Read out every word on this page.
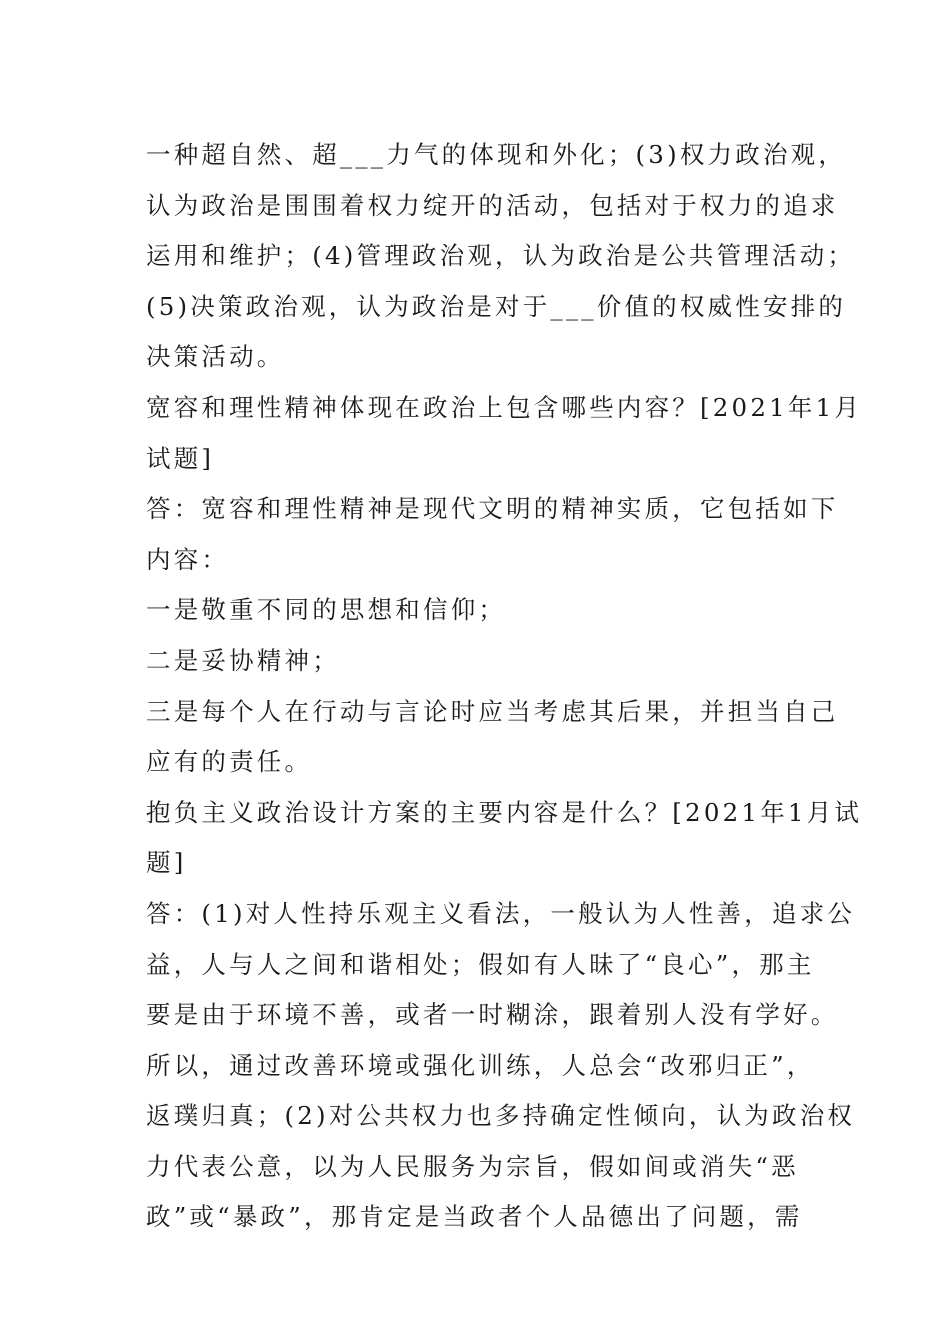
一种超自然、超___力气的体现和外化；(3)权力政治观，
认为政治是围围着权力绽开的活动，包括对于权力的追求
运用和维护；(4)管理政治观，认为政治是公共管理活动；
(5)决策政治观，认为政治是对于___价值的权威性安排的
决策活动。
宽容和理性精神体现在政治上包含哪些内容？[2021年1月
试题]
答：宽容和理性精神是现代文明的精神实质，它包括如下
内容：
一是敬重不同的思想和信仰；
二是妥协精神；
三是每个人在行动与言论时应当考虑其后果，并担当自己
应有的责任。
抱负主义政治设计方案的主要内容是什么？[2021年1月试
题]
答：(1)对人性持乐观主义看法，一般认为人性善，追求公
益，人与人之间和谐相处；假如有人昧了“良心”，那主
要是由于环境不善，或者一时糊涂，跟着别人没有学好。
所以，通过改善环境或强化训练，人总会“改邪归正”，
返璞归真；(2)对公共权力也多持确定性倾向，认为政治权
力代表公意，以为人民服务为宗旨，假如间或消失“恶
政”或“暴政”，那肯定是当政者个人品德出了问题，需
